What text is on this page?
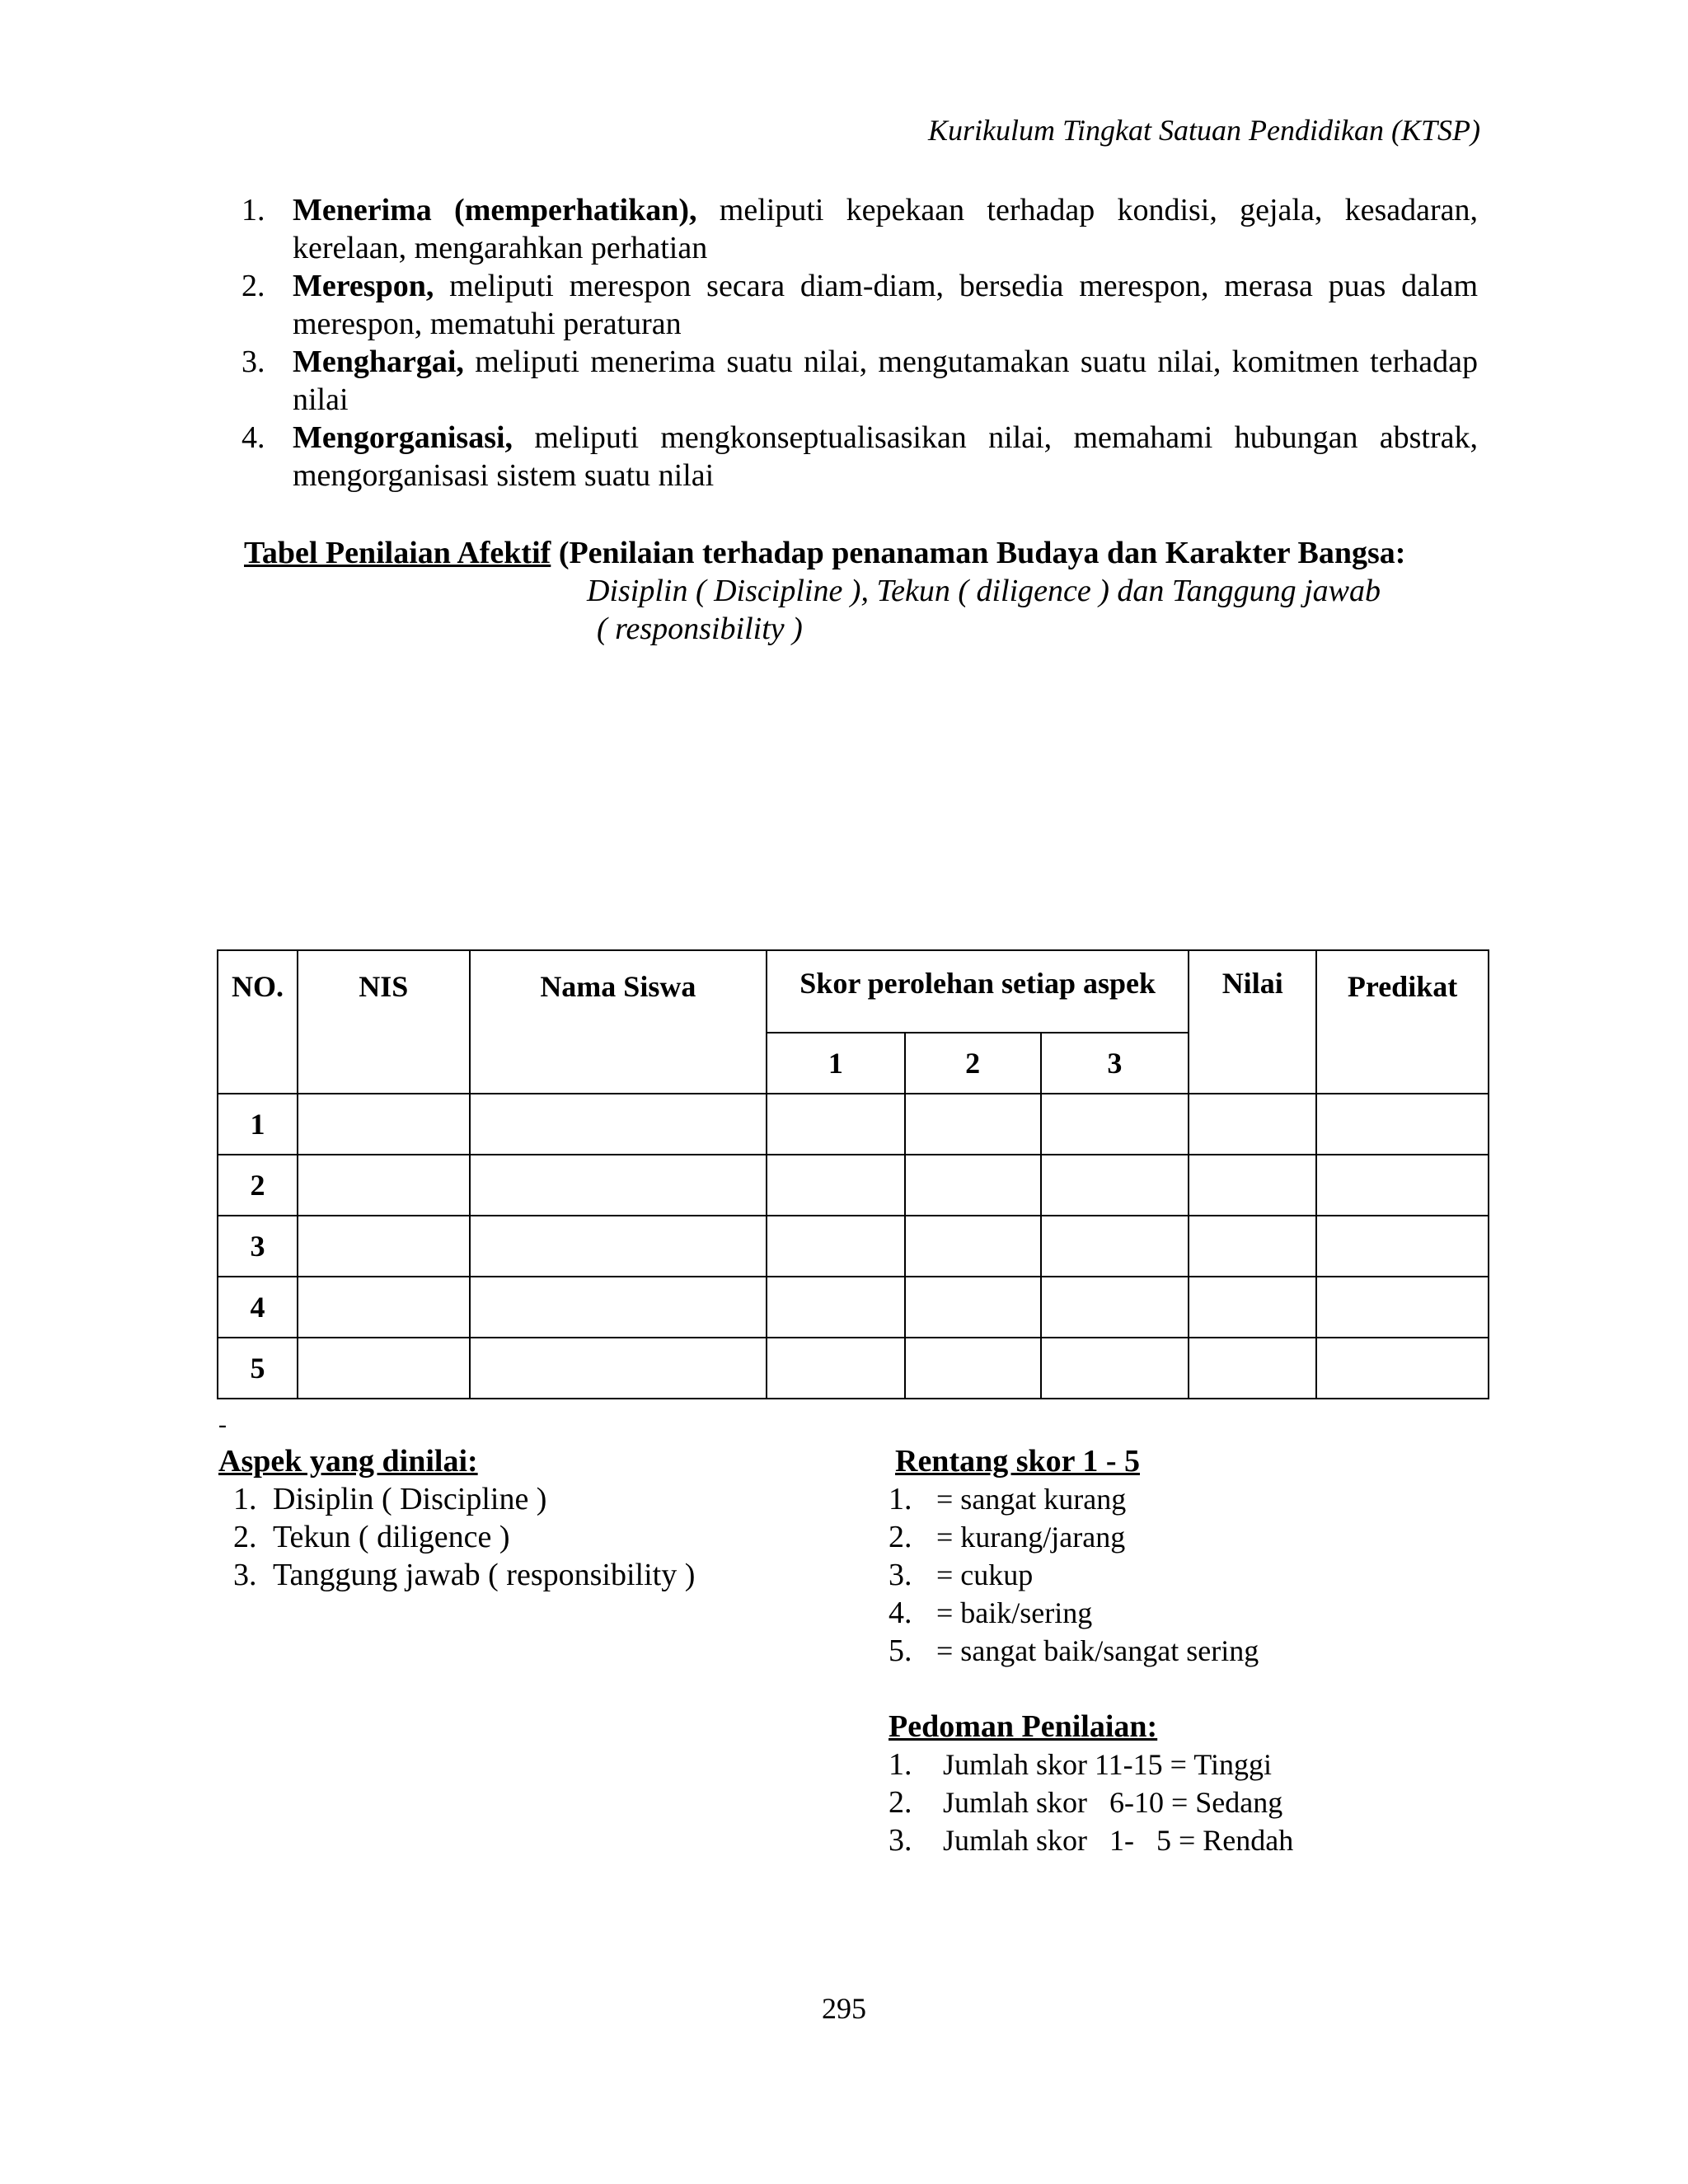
Kurikulum Tingkat Satuan Pendidikan (KTSP)
1. Menerima (memperhatikan), meliputi kepekaan terhadap kondisi, gejala, kesadaran, kerelaan, mengarahkan perhatian
2. Merespon, meliputi merespon secara diam-diam, bersedia merespon, merasa puas dalam merespon, mematuhi peraturan
3. Menghargai, meliputi menerima suatu nilai, mengutamakan suatu nilai, komitmen terhadap nilai
4. Mengorganisasi, meliputi mengkonseptualisasikan nilai, memahami hubungan abstrak, mengorganisasi sistem suatu nilai
Tabel Penilaian Afektif (Penilaian terhadap penanaman Budaya dan Karakter Bangsa:
Disiplin ( Discipline ), Tekun ( diligence ) dan Tanggung jawab
( responsibility )
NO.	NIS	Nama Siswa	Skor perolehan setiap aspek			Nilai	Predikat
			1	2	3		
1							
2							
3							
4							
5							
-
Aspek yang dinilai:
1. Disiplin ( Discipline )
2. Tekun ( diligence )
3. Tanggung jawab ( responsibility )
Rentang skor 1 - 5
1. = sangat kurang
2. = kurang/jarang
3. = cukup
4. = baik/sering
5. = sangat baik/sangat sering
Pedoman Penilaian:
1. Jumlah skor 11-15 = Tinggi
2. Jumlah skor   6-10 = Sedang
3. Jumlah skor   1-   5 = Rendah
295
